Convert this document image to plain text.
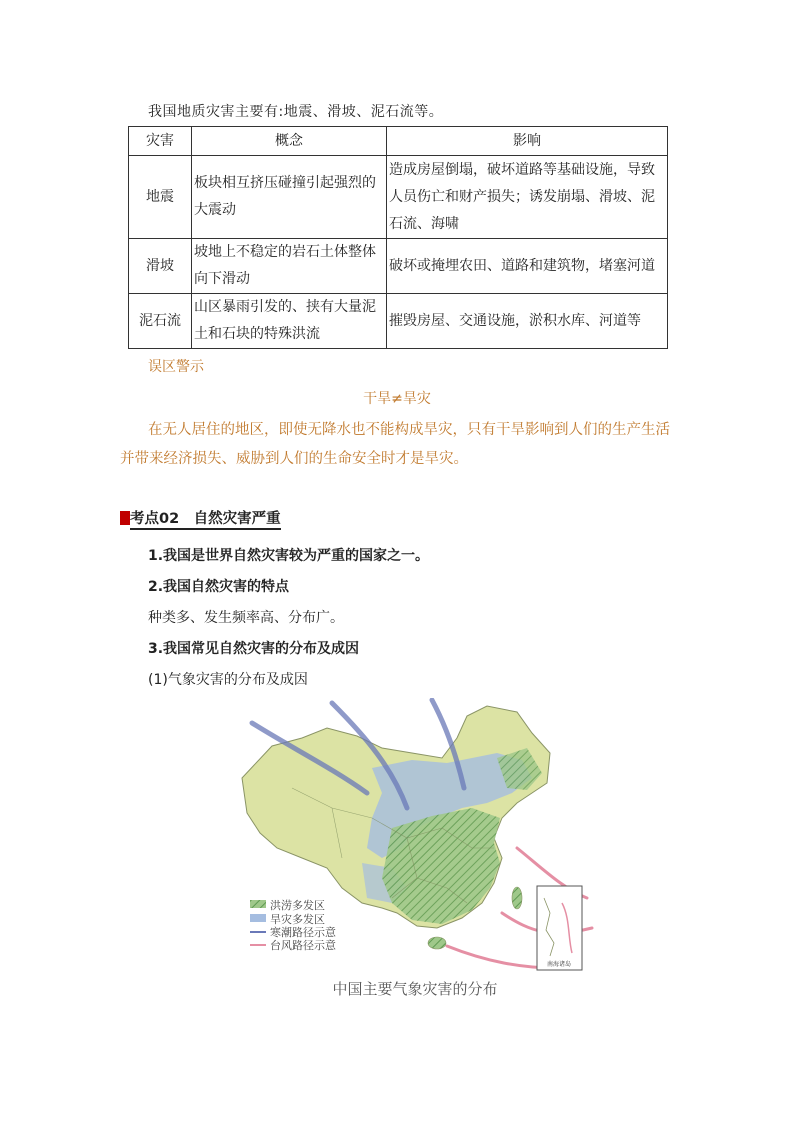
我国地质灾害主要有:地震、滑坡、泥石流等。
灾害	概念	影响
地震	板块相互挤压碰撞引起强烈的大震动	造成房屋倒塌，破坏道路等基础设施，导致人员伤亡和财产损失；诱发崩塌、滑坡、泥石流、海啸
滑坡	坡地上不稳定的岩石土体整体向下滑动	破坏或掩埋农田、道路和建筑物，堵塞河道
泥石流	山区暴雨引发的、挟有大量泥土和石块的特殊洪流	摧毁房屋、交通设施，淤积水库、河道等
误区警示
干旱≠旱灾
在无人居住的地区，即使无降水也不能构成旱灾，只有干旱影响到人们的生产生活并带来经济损失、威胁到人们的生命安全时才是旱灾。
考点02　自然灾害严重
1.我国是世界自然灾害较为严重的国家之一。
2.我国自然灾害的特点
种类多、发生频率高、分布广。
3.我国常见自然灾害的分布及成因
(1)气象灾害的分布及成因
南海诸岛
洪涝多发区
旱灾多发区
寒潮路径示意
台风路径示意
中国主要气象灾害的分布
